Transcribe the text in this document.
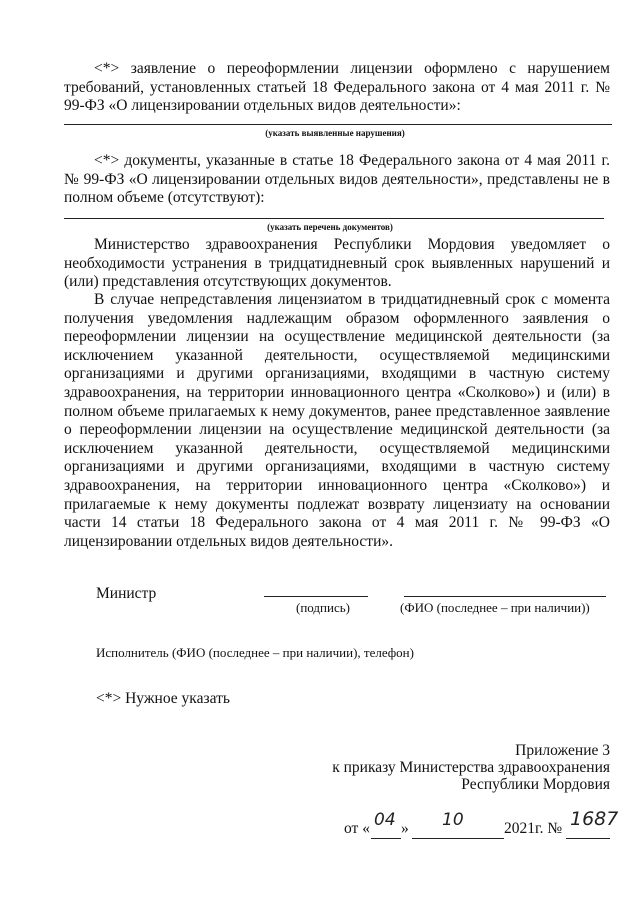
<*> заявление о переоформлении лицензии оформлено с нарушением требований, установленных статьей 18 Федерального закона от 4 мая 2011 г. № 99-ФЗ «О лицензировании отдельных видов деятельности»:
(указать выявленные нарушения)
<*> документы, указанные в статье 18 Федерального закона от 4 мая 2011 г. № 99-ФЗ «О лицензировании отдельных видов деятельности», представлены не в полном объеме (отсутствуют):
(указать перечень документов)
Министерство здравоохранения Республики Мордовия уведомляет о необходимости устранения в тридцатидневный срок выявленных нарушений и (или) представления отсутствующих документов.
В случае непредставления лицензиатом в тридцатидневный срок с момента получения уведомления надлежащим образом оформленного заявления о переоформлении лицензии на осуществление медицинской деятельности (за исключением указанной деятельности, осуществляемой медицинскими организациями и другими организациями, входящими в частную систему здравоохранения, на территории инновационного центра «Сколково») и (или) в полном объеме прилагаемых к нему документов, ранее представленное заявление о переоформлении лицензии на осуществление медицинской деятельности (за исключением указанной деятельности, осуществляемой медицинскими организациями и другими организациями, входящими в частную систему здравоохранения, на территории инновационного центра «Сколково») и прилагаемые к нему документы подлежат возврату лицензиату на основании части 14 статьи 18 Федерального закона от 4 мая 2011 г. № 99-ФЗ «О лицензировании отдельных видов деятельности».
Министр
(подпись)	(ФИО (последнее – при наличии))
Исполнитель (ФИО (последнее – при наличии), телефон)
<*> Нужное указать
Приложение 3
к приказу Министерства здравоохранения
Республики Мордовия
от « 04 » 10	2021г. № 1687
